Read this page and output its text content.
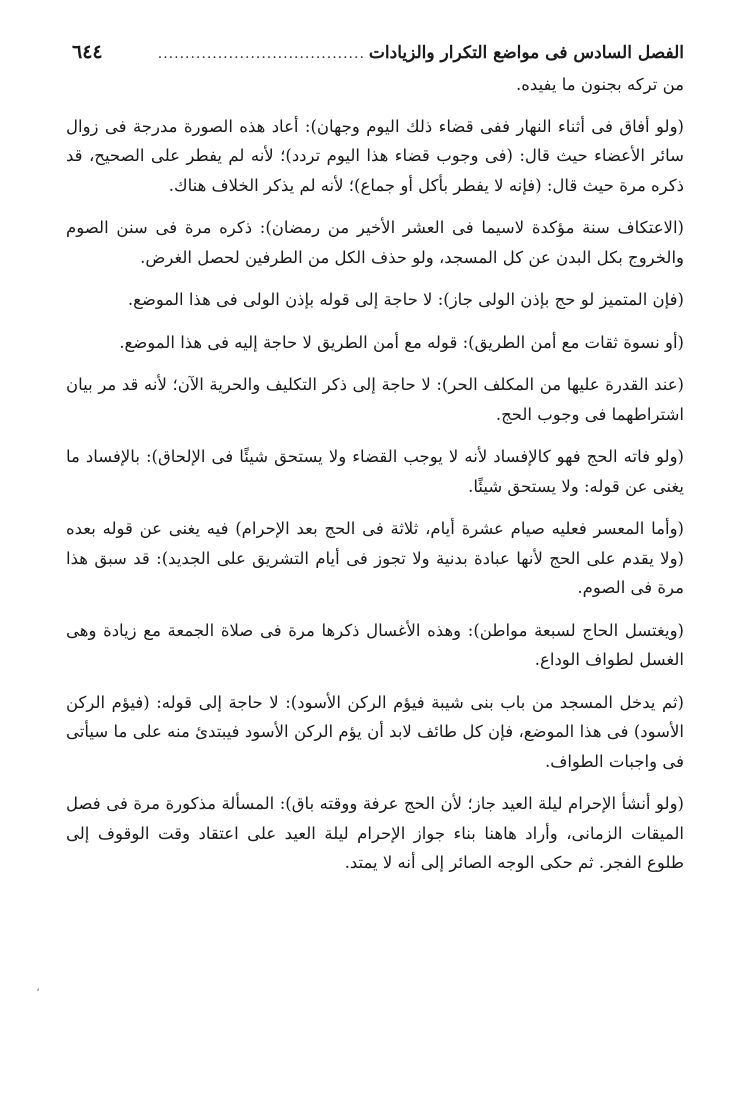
الفصل السادس فى مواضع التكرار والزيادات
......................................
٦٤٤

من تركه بجنون ما يفيده.

(ولو أفاق فى أثناء النهار ففى قضاء ذلك اليوم وجهان): أعاد هذه الصورة مدرجة فى زوال سائر الأعضاء حيث قال: (فى وجوب قضاء هذا اليوم تردد)؛ لأنه لم يفطر على الصحيح، قد ذكره مرة حيث قال: (فإنه لا يفطر بأكل أو جماع)؛ لأنه لم يذكر الخلاف هناك.

(الاعتكاف سنة مؤكدة لاسيما فى العشر الأخير من رمضان): ذكره مرة فى سنن الصوم والخروج بكل البدن عن كل المسجد، ولو حذف الكل من الطرفين لحصل الغرض.

(فإن المتميز لو حج بإذن الولى جاز): لا حاجة إلى قوله بإذن الولى فى هذا الموضع.

(أو نسوة ثقات مع أمن الطريق): قوله مع أمن الطريق لا حاجة إليه فى هذا الموضع.

(عند القدرة عليها من المكلف الحر): لا حاجة إلى ذكر التكليف والحرية الآن؛ لأنه قد مر بيان اشتراطهما فى وجوب الحج.

(ولو فاته الحج فهو كالإفساد لأنه لا يوجب القضاء ولا يستحق شيئًا فى الإلحاق): بالإفساد ما يغنى عن قوله: ولا يستحق شيئًا.

(وأما المعسر فعليه صيام عشرة أيام، ثلاثة فى الحج بعد الإحرام) فيه يغنى عن قوله بعده (ولا يقدم على الحج لأنها عبادة بدنية ولا تجوز فى أيام التشريق على الجديد): قد سبق هذا مرة فى الصوم.

(ويغتسل الحاج لسبعة مواطن): وهذه الأغسال ذكرها مرة فى صلاة الجمعة مع زيادة وهى الغسل لطواف الوداع.

(ثم يدخل المسجد من باب بنى شيبة فيؤم الركن الأسود): لا حاجة إلى قوله: (فيؤم الركن الأسود) فى هذا الموضع، فإن كل طائف لابد أن يؤم الركن الأسود فيبتدئ منه على ما سيأتى فى واجبات الطواف.

(ولو أنشأ الإحرام ليلة العيد جاز؛ لأن الحج عرفة ووقته باق): المسألة مذكورة مرة فى فصل الميقات الزمانى، وأراد هاهنا بناء جواز الإحرام ليلة العيد على اعتقاد وقت الوقوف إلى طلوع الفجر. ثم حكى الوجه الصائر إلى أنه لا يمتد.

،
